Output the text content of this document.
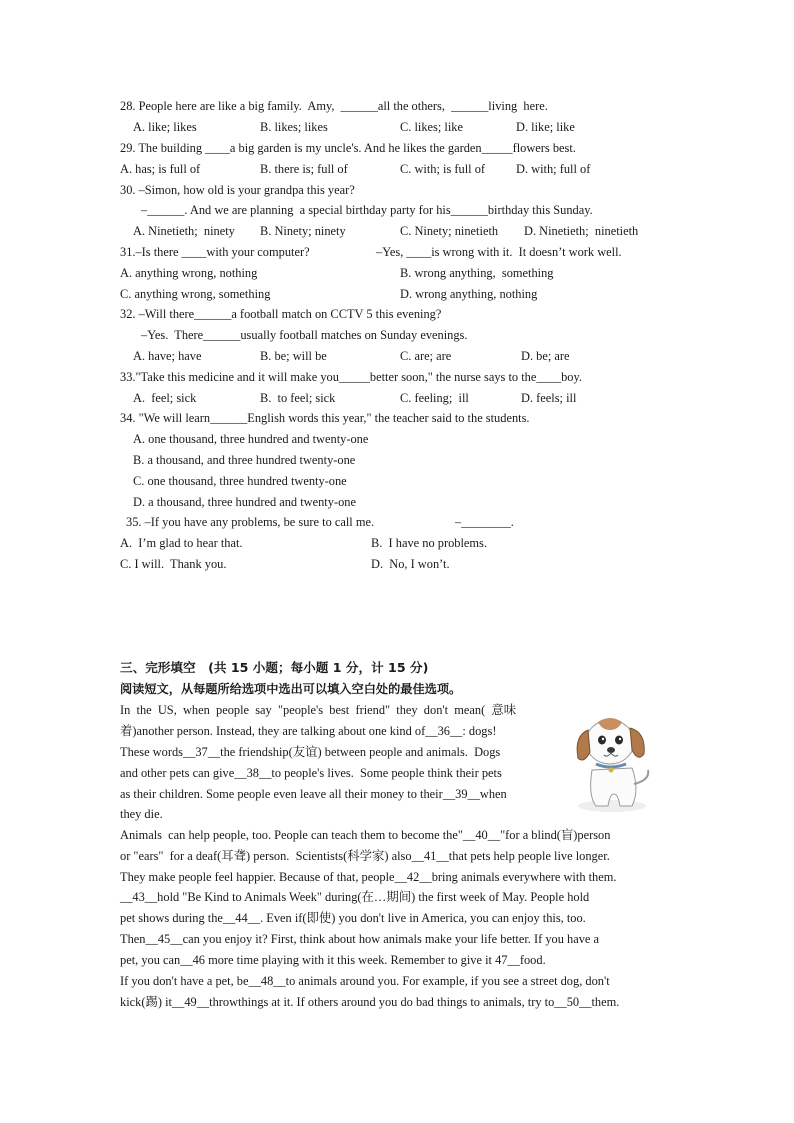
28. People here are like a big family.  Amy,  ______all the others,  ______living  here.
A. like; likes	B. likes; likes	C. likes; like	D. like; like
29. The building ____a big garden is my uncle's. And he likes the garden_____flowers best.
A. has; is full of	B. there is; full of	C. with; is full of D. with; full of
30. –Simon, how old is your grandpa this year?
–______. And we are planning  a special birthday party for his______birthday this Sunday.
A. Ninetieth;  ninety B. Ninety; ninety	C. Ninety; ninetieth D. Ninetieth;  ninetieth
31.–Is there ____with your computer?	–Yes, ____is wrong with it.  It doesn’t work well.
A. anything wrong, nothing	B. wrong anything,  something
C. anything wrong, something	D. wrong anything, nothing
32. –Will there______a football match on CCTV 5 this evening?
–Yes.  There______usually football matches on Sunday evenings.
A. have; have	B. be; will be	C. are; are	D. be; are
33."Take this medicine and it will make you_____better soon," the nurse says to the____boy.
A.  feel; sick	B.  to feel; sick	C. feeling;  ill	D. feels; ill
34. "We will learn______English words this year," the teacher said to the students.
A. one thousand, three hundred and twenty-one
B. a thousand, and three hundred twenty-one
C. one thousand, three hundred twenty-one
D. a thousand, three hundred and twenty-one
35. –If you have any problems, be sure to call me.	–________.
A.  I’m glad to hear that.	B.  I have no problems.
C. I will.  Thank you.	D.  No, I won’t.
三、完形填空　(共 15 小题；每小题 1 分，计 15 分)
阅读短文，从每题所给选项中选出可以填入空白处的最佳选项。
In  the  US,  when  people  say  "people's  best  friend"  they  don't  mean(  意味
着)another person. Instead, they are talking about one kind of__36__: dogs!
These words__37__the friendship(友谊) between people and animals.  Dogs
and other pets can give__38__to people's lives.  Some people think their pets
as their children. Some people even leave all their money to their__39__when
they die.
Animals  can help people, too. People can teach them to become the"__40__"for a blind(盲)person
or "ears"  for a deaf(耳聋) person.  Scientists(科学家) also__41__that pets help people live longer.
They make people feel happier. Because of that, people__42__bring animals everywhere with them.
__43__hold "Be Kind to Animals Week" during(在…期间) the first week of May. People hold
pet shows during the__44__. Even if(即使) you don't live in America, you can enjoy this, too.
Then__45__can you enjoy it? First, think about how animals make your life better. If you have a
pet, you can__46 more time playing with it this week. Remember to give it 47__food.
If you don't have a pet, be__48__to animals around you. For example, if you see a street dog, don't
kick(踢) it__49__throwthings at it. If others around you do bad things to animals, try to__50__them.
